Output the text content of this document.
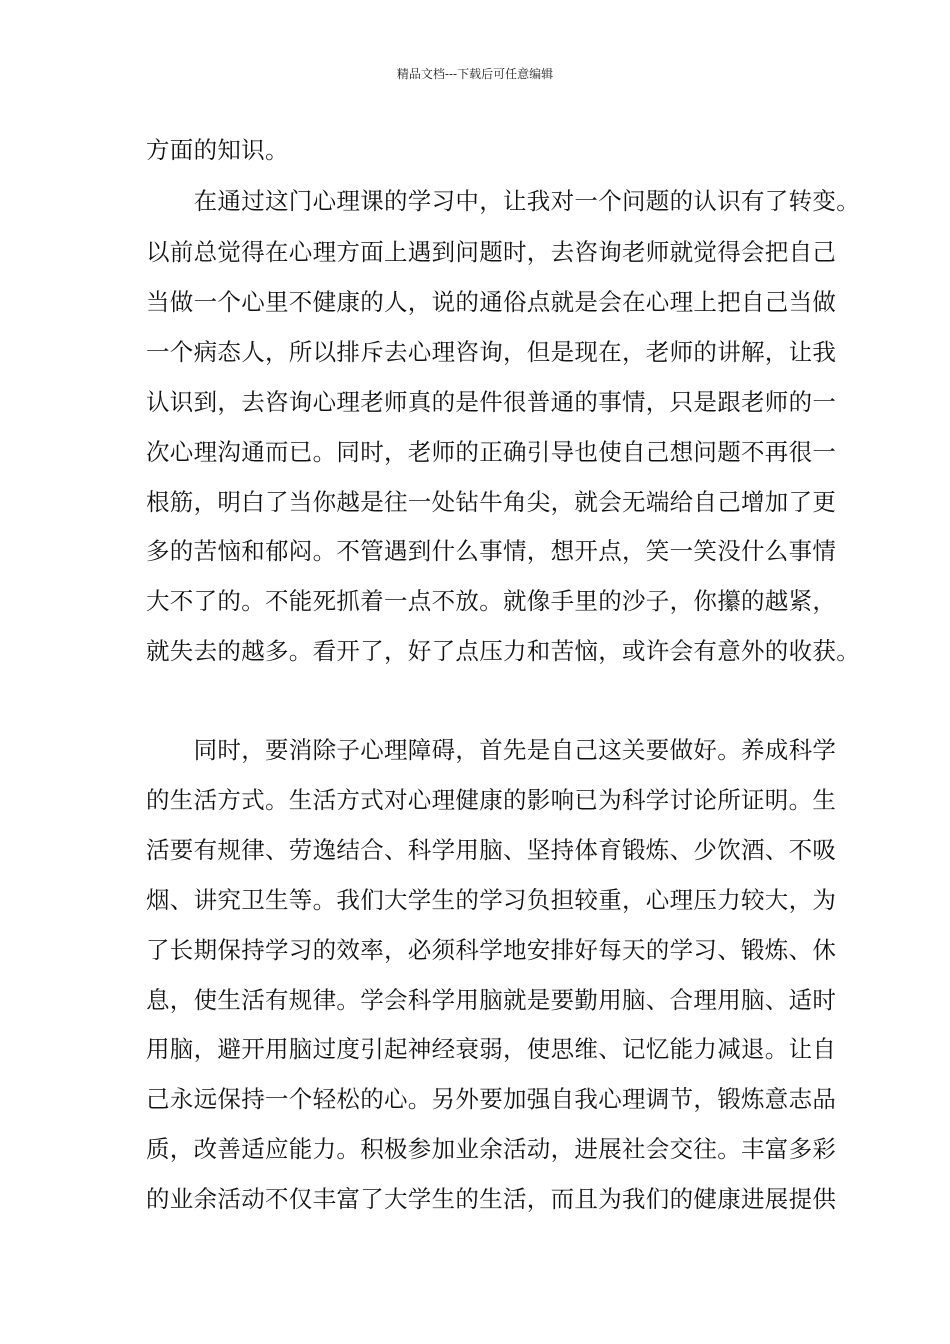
精品文档---下载后可任意编辑
方面的知识。
　　在通过这门心理课的学习中，让我对一个问题的认识有了转变。
以前总觉得在心理方面上遇到问题时，去咨询老师就觉得会把自己
当做一个心里不健康的人，说的通俗点就是会在心理上把自己当做
一个病态人，所以排斥去心理咨询，但是现在，老师的讲解，让我
认识到，去咨询心理老师真的是件很普通的事情，只是跟老师的一
次心理沟通而已。同时，老师的正确引导也使自己想问题不再很一
根筋，明白了当你越是往一处钻牛角尖，就会无端给自己增加了更
多的苦恼和郁闷。不管遇到什么事情，想开点，笑一笑没什么事情
大不了的。不能死抓着一点不放。就像手里的沙子，你攥的越紧，
就失去的越多。看开了，好了点压力和苦恼，或许会有意外的收获。
　　同时，要消除子心理障碍，首先是自己这关要做好。养成科学
的生活方式。生活方式对心理健康的影响已为科学讨论所证明。生
活要有规律、劳逸结合、科学用脑、坚持体育锻炼、少饮酒、不吸
烟、讲究卫生等。我们大学生的学习负担较重，心理压力较大，为
了长期保持学习的效率，必须科学地安排好每天的学习、锻炼、休
息，使生活有规律。学会科学用脑就是要勤用脑、合理用脑、适时
用脑，避开用脑过度引起神经衰弱，使思维、记忆能力减退。让自
己永远保持一个轻松的心。另外要加强自我心理调节，锻炼意志品
质，改善适应能力。积极参加业余活动，进展社会交往。丰富多彩
的业余活动不仅丰富了大学生的生活，而且为我们的健康进展提供
